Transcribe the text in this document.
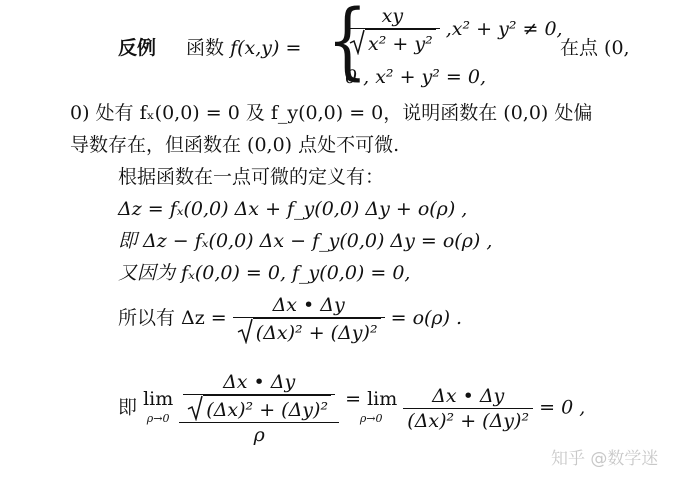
反例 函数 f(x,y) = {
$\frac{xy}{\text{x² + y²}} ,x^2 + y^2 \ne 0$,
0 , x² + y² = 0,
在点 (0,
0) 处有 fₓ(0,0) = 0 及 f_y(0,0) = 0，说明函数在 (0,0) 处偏
导数存在，但函数在 (0,0) 点处不可微.
根据函数在一点可微的定义有：
Δz = fₓ(0,0) Δx + f_y(0,0) Δy + o(ρ) ,
即 Δz − fₓ(0,0) Δx − f_y(0,0) Δy = o(ρ) ,
又因为 fₓ(0,0) = 0, f_y(0,0) = 0,
所以有 $\Delta z = \frac{\Delta x • \Delta y}{\text{(Δx)² + (Δy)²}} = o(\rho)$ .
即 lim
ρ→0
$\frac{\Delta x • \Delta y}{\text{(Δx)² + (Δy)²}}$
ρ

= lim
ρ→0
	$\frac{\Delta x • \Delta y}{\text{(Δx)² + (Δy)²}} = 0$ ,
知乎 @数学迷
